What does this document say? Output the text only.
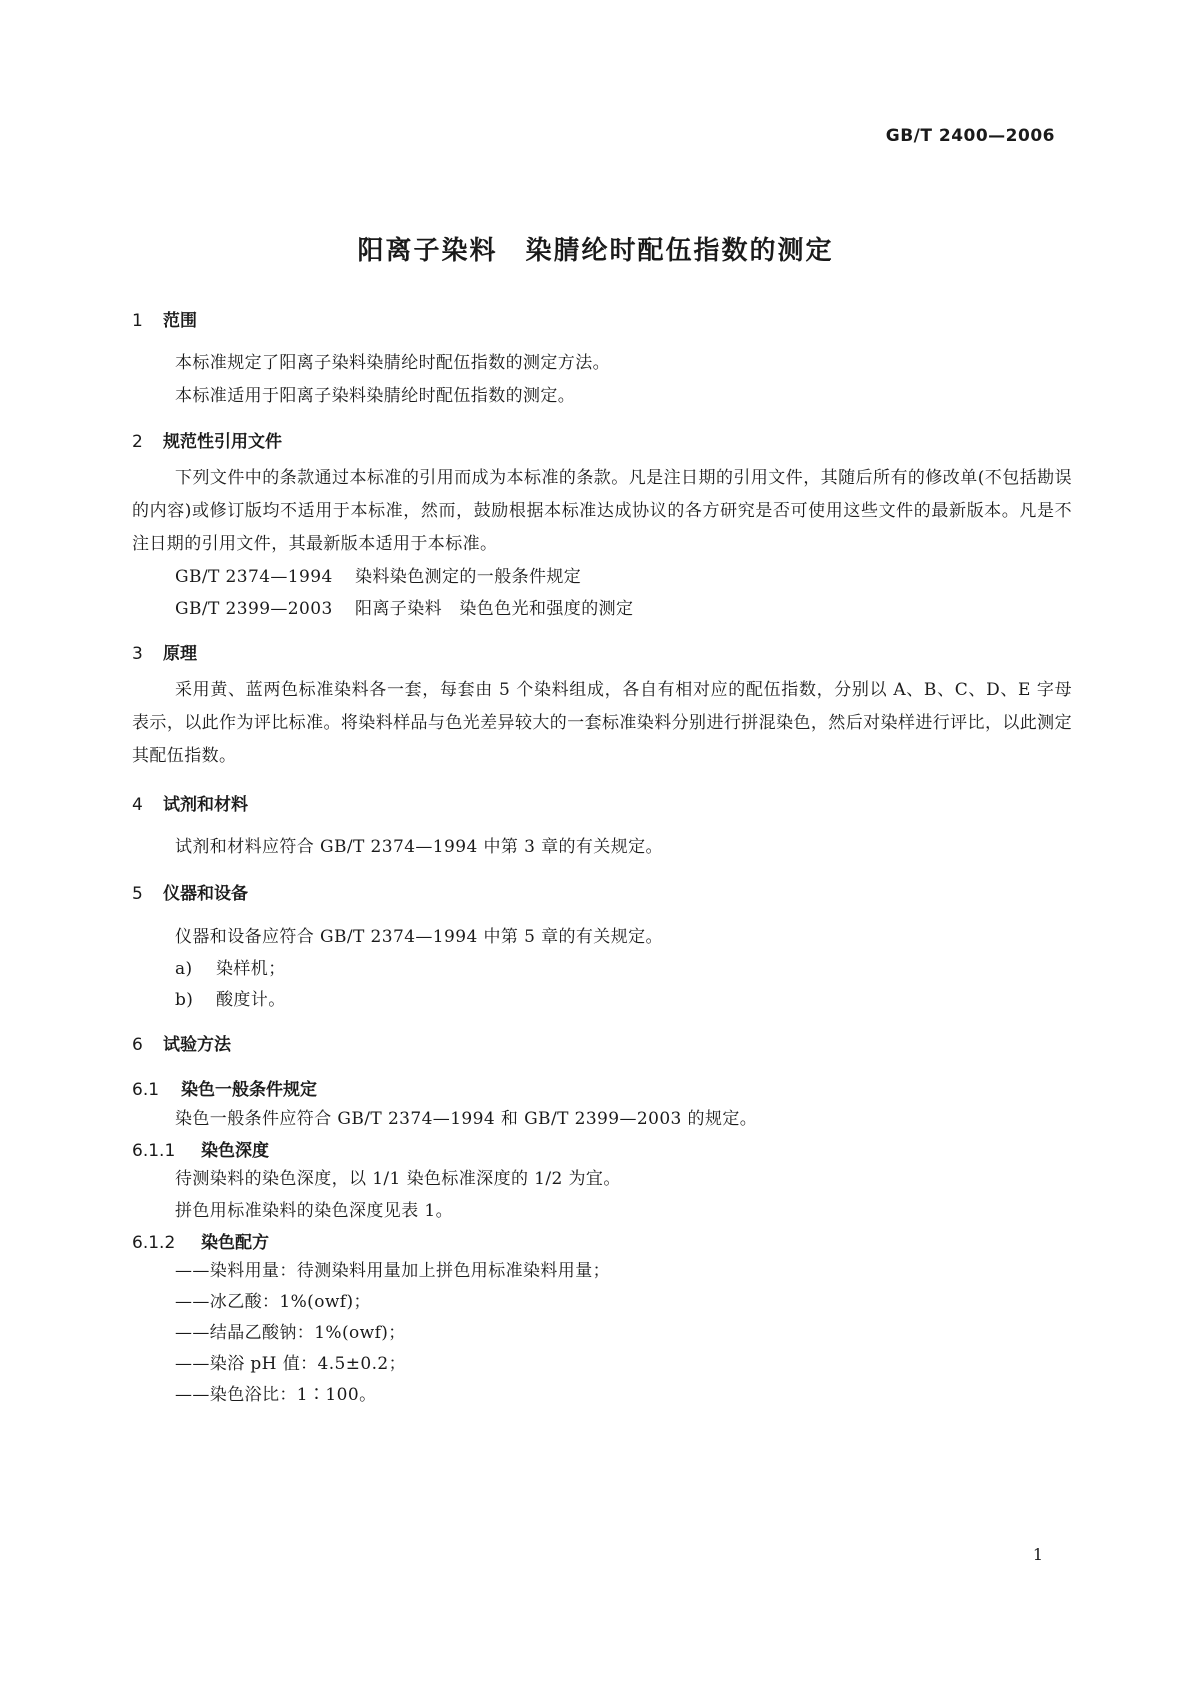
GB/T 2400—2006
阳离子染料　染腈纶时配伍指数的测定
1 范围
本标准规定了阳离子染料染腈纶时配伍指数的测定方法。
本标准适用于阳离子染料染腈纶时配伍指数的测定。
2 规范性引用文件
下列文件中的条款通过本标准的引用而成为本标准的条款。凡是注日期的引用文件，其随后所有的修改单(不包括勘误的内容)或修订版均不适用于本标准，然而，鼓励根据本标准达成协议的各方研究是否可使用这些文件的最新版本。凡是不注日期的引用文件，其最新版本适用于本标准。
GB/T 2374—1994 染料染色测定的一般条件规定
GB/T 2399—2003 阳离子染料　染色色光和强度的测定
3 原理
采用黄、蓝两色标准染料各一套，每套由 5 个染料组成，各自有相对应的配伍指数，分别以 A、B、C、D、E 字母表示，以此作为评比标准。将染料样品与色光差异较大的一套标准染料分别进行拼混染色，然后对染样进行评比，以此测定其配伍指数。
4 试剂和材料
试剂和材料应符合 GB/T 2374—1994 中第 3 章的有关规定。
5 仪器和设备
仪器和设备应符合 GB/T 2374—1994 中第 5 章的有关规定。
a) 染样机；
b) 酸度计。
6 试验方法
6.1 染色一般条件规定
染色一般条件应符合 GB/T 2374—1994 和 GB/T 2399—2003 的规定。
6.1.1 染色深度
待测染料的染色深度，以 1/1 染色标准深度的 1/2 为宜。
拼色用标准染料的染色深度见表 1。
6.1.2 染色配方
——染料用量：待测染料用量加上拼色用标准染料用量；
——冰乙酸：1%(owf)；
——结晶乙酸钠：1%(owf)；
——染浴 pH 值：4.5±0.2；
——染色浴比：1∶100。
1
